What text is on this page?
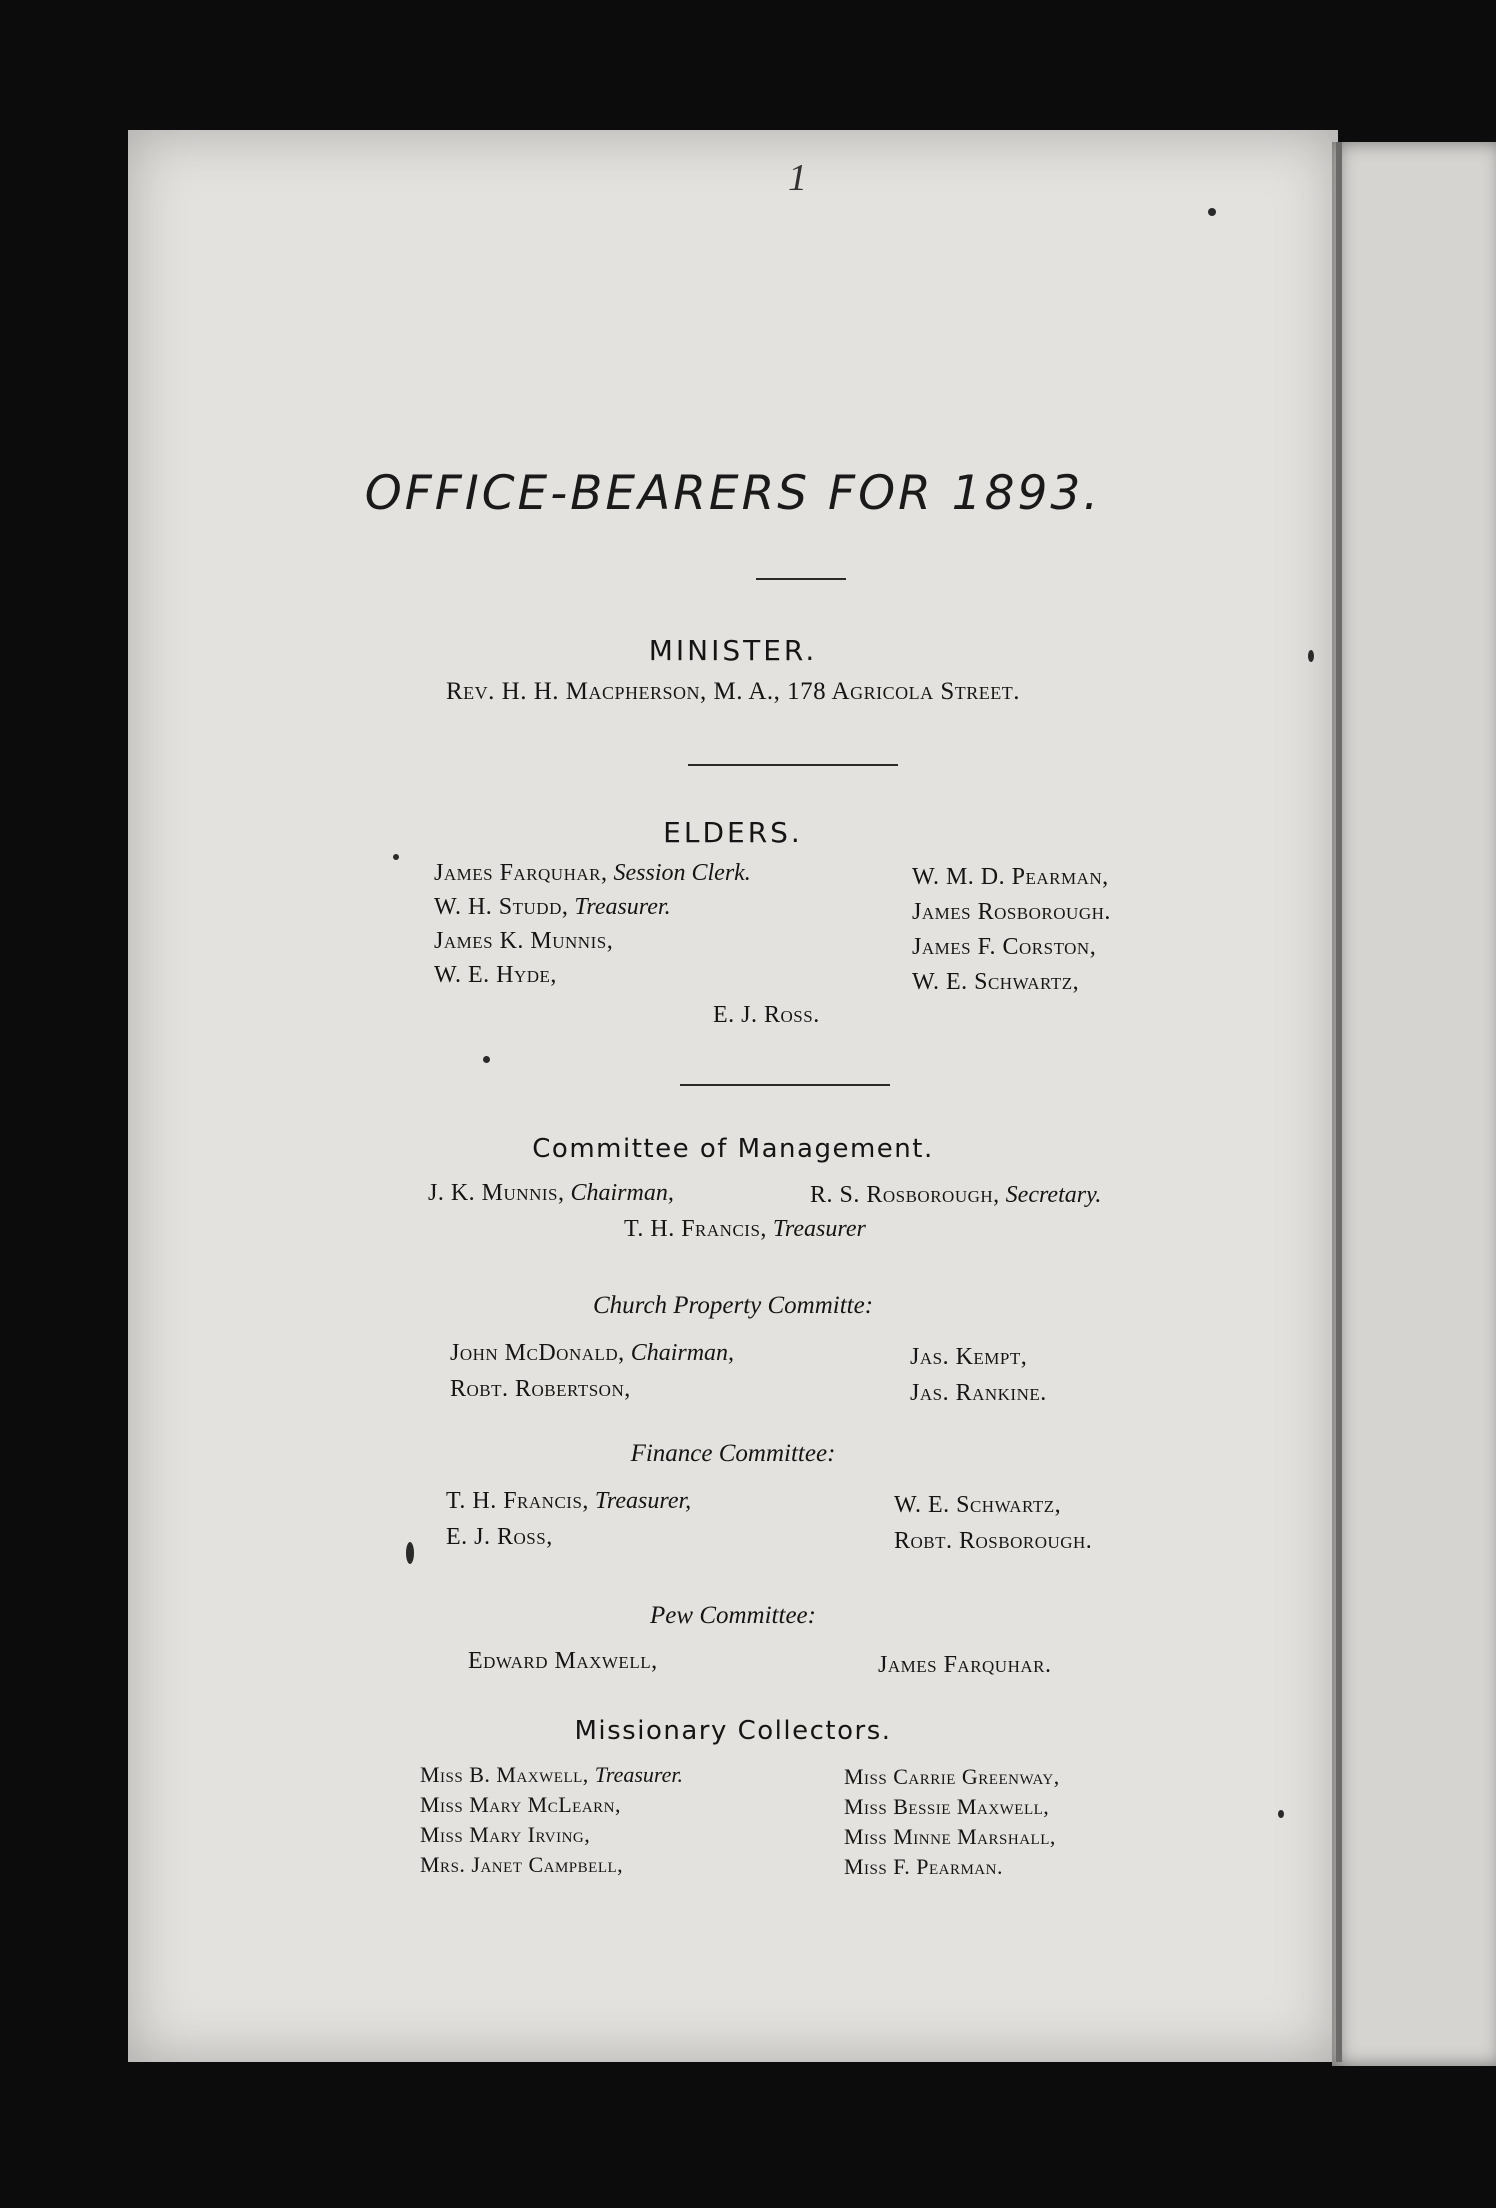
1
OFFICE-BEARERS FOR 1893.
MINISTER.
Rev. H. H. Macpherson, M. A., 178 Agricola Street.
ELDERS.
James Farquhar, Session Clerk.
W. H. Studd, Treasurer.
James K. Munnis,
W. E. Hyde,
W. M. D. Pearman,
James Rosborough.
James F. Corston,
W. E. Schwartz,
E. J. Ross.
Committee of Management.
J. K. Munnis, Chairman,	R. S. Rosborough, Secretary.
T. H. Francis, Treasurer
Church Property Committe:
John McDonald, Chairman,
Robt. Robertson,
Jas. Kempt,
Jas. Rankine.
Finance Committee:
T. H. Francis, Treasurer,
E. J. Ross,
W. E. Schwartz,
Robt. Rosborough.
Pew Committee:
Edward Maxwell,	James Farquhar.
Missionary Collectors.
Miss B. Maxwell, Treasurer.
Miss Mary McLearn,
Miss Mary Irving,
Mrs. Janet Campbell,
Miss Carrie Greenway,
Miss Bessie Maxwell,
Miss Minne Marshall,
Miss F. Pearman.
